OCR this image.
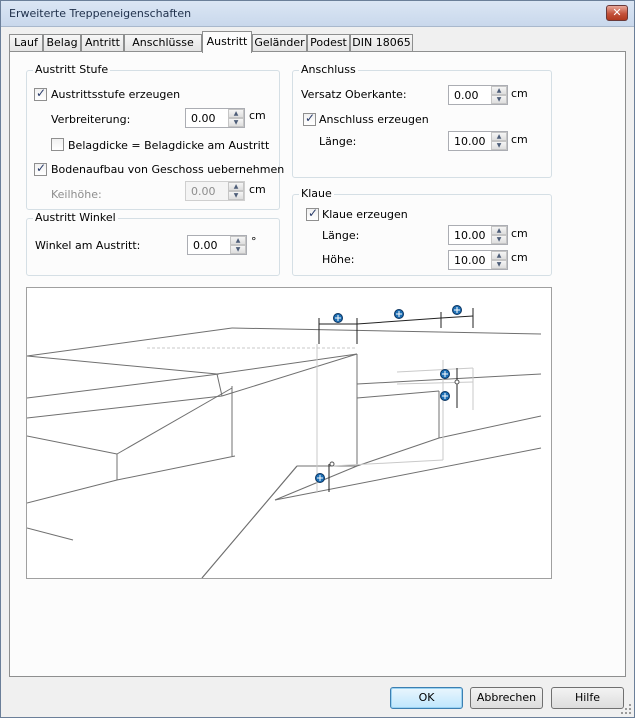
Erweiterte Treppeneigenschaften	✕
Lauf Belag Antritt	Anschlüsse	Austritt Geländer Podest DIN 18065
Austritt Stufe
✓ Austrittsstufe erzeugen
Verbreiterung:	0.00	▲
▼
cm
Belagdicke = Belagdicke am Austritt
✓ Bodenaufbau von Geschoss uebernehmen
Keilhöhe:	0.00	▲
▼ cm
Austritt Winkel
Winkel am Austritt:	0.00	▲
▼
°
Anschluss
Versatz Oberkante:	0.00	▲
▼ cm
✓ Anschluss erzeugen
Länge:	10.00	▲
▼ cm
Klaue
✓ Klaue erzeugen
Länge:	10.00	▲
▼ cm
Höhe:	10.00	▲
▼
cm
OK	Abbrechen	Hilfe
